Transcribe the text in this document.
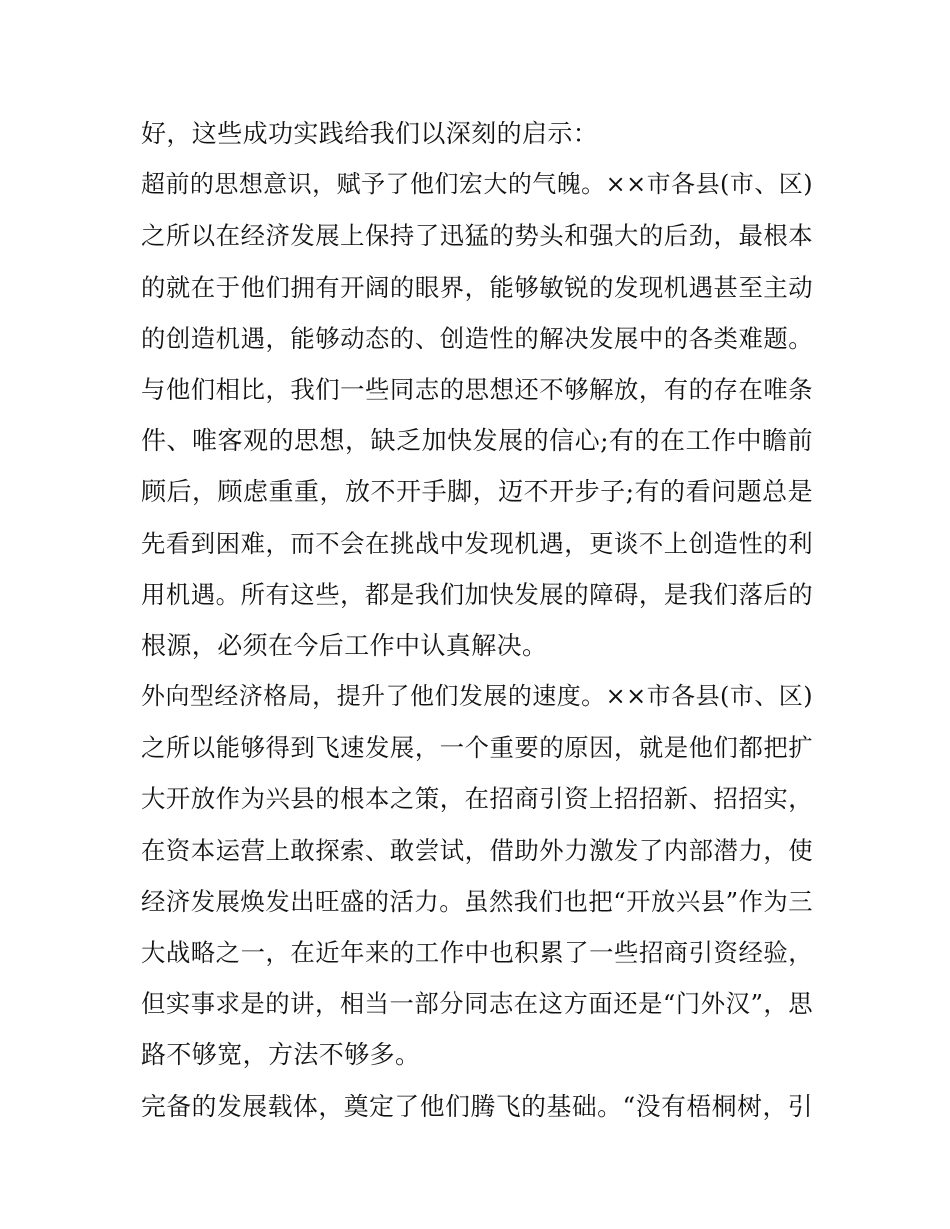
好，这些成功实践给我们以深刻的启示：
超前的思想意识，赋予了他们宏大的气魄。××市各县(市、区)
之所以在经济发展上保持了迅猛的势头和强大的后劲，最根本
的就在于他们拥有开阔的眼界，能够敏锐的发现机遇甚至主动
的创造机遇，能够动态的、创造性的解决发展中的各类难题。
与他们相比，我们一些同志的思想还不够解放，有的存在唯条
件、唯客观的思想，缺乏加快发展的信心;有的在工作中瞻前
顾后，顾虑重重，放不开手脚，迈不开步子;有的看问题总是
先看到困难，而不会在挑战中发现机遇，更谈不上创造性的利
用机遇。所有这些，都是我们加快发展的障碍，是我们落后的
根源，必须在今后工作中认真解决。
外向型经济格局，提升了他们发展的速度。××市各县(市、区)
之所以能够得到飞速发展，一个重要的原因，就是他们都把扩
大开放作为兴县的根本之策，在招商引资上招招新、招招实，
在资本运营上敢探索、敢尝试，借助外力激发了内部潜力，使
经济发展焕发出旺盛的活力。虽然我们也把“开放兴县”作为三
大战略之一，在近年来的工作中也积累了一些招商引资经验，
但实事求是的讲，相当一部分同志在这方面还是“门外汉”，思
路不够宽，方法不够多。
完备的发展载体，奠定了他们腾飞的基础。“没有梧桐树，引
